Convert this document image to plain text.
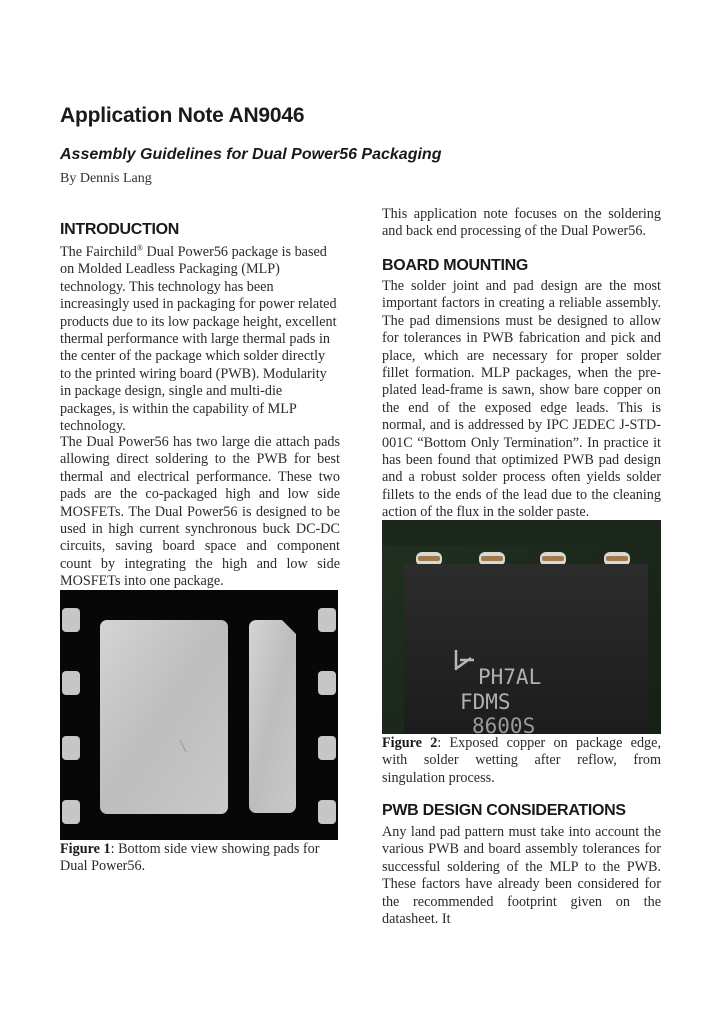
Application Note AN9046
Assembly Guidelines for Dual Power56 Packaging

By Dennis Lang

INTRODUCTION

The Fairchild® Dual Power56 package is based on Molded Leadless Packaging (MLP) technology. This technology has been increasingly used in packaging for power related products due to its low package height, excellent thermal performance with large thermal pads in the center of the package which solder directly to the printed wiring board (PWB). Modularity in package design, single and multi-die packages, is within the capability of MLP technology.

The Dual Power56 has two large die attach pads allowing direct soldering to the PWB for best thermal and electrical performance. These two pads are the co-packaged high and low side MOSFETs. The Dual Power56 is designed to be used in high current synchronous buck DC-DC circuits, saving board space and component count by integrating the high and low side MOSFETs into one package.

Figure 1: Bottom side view showing pads for Dual Power56.

This application note focuses on the soldering and back end processing of the Dual Power56.

BOARD MOUNTING

The solder joint and pad design are the most important factors in creating a reliable assembly. The pad dimensions must be designed to allow for tolerances in PWB fabrication and pick and place, which are necessary for proper solder fillet formation. MLP packages, when the pre-plated lead-frame is sawn, show bare copper on the end of the exposed edge leads. This is normal, and is addressed by IPC JEDEC J-STD-001C “Bottom Only Termination”. In practice it has been found that optimized PWB pad design and a robust solder process often yields solder fillets to the ends of the lead due to the cleaning action of the flux in the solder paste.

PH7AL
FDMS
8600S

Figure 2: Exposed copper on package edge, with solder wetting after reflow, from singulation process.

PWB DESIGN CONSIDERATIONS

Any land pad pattern must take into account the various PWB and board assembly tolerances for successful soldering of the MLP to the PWB. These factors have already been considered for the recommended footprint given on the datasheet. It
